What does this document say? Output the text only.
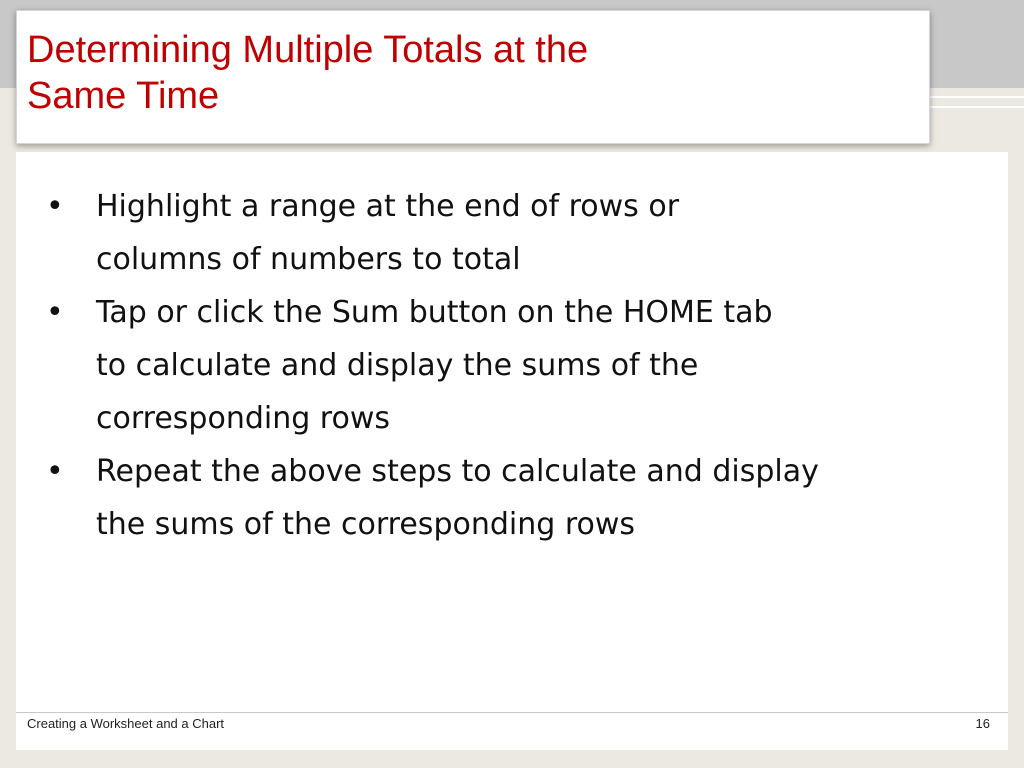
Determining Multiple Totals at the
Same Time
• Highlight a range at the end of rows or
columns of numbers to total
• Tap or click the Sum button on the HOME tab
to calculate and display the sums of the
corresponding rows
• Repeat the above steps to calculate and display
the sums of the corresponding rows
Creating a Worksheet and a Chart	16
